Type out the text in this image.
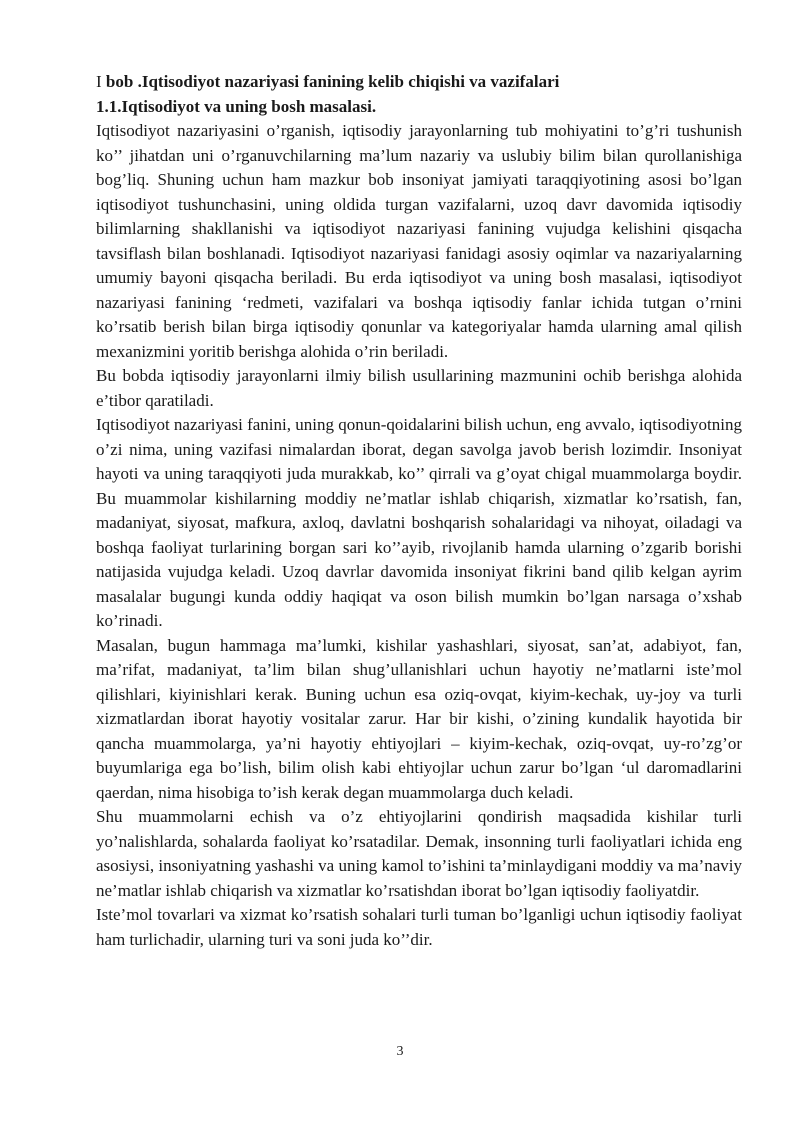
I bob .Iqtisodiyot nazariyasi fanining kelib chiqishi va vazifalari

1.1.Iqtisodiyot va uning bosh masalasi.

Iqtisodiyot nazariyasini o’rganish, iqtisodiy jarayonlarning tub mohiyatini to’g’ri tushunish ko’’ jihatdan uni o’rganuvchilarning ma’lum nazariy va uslubiy bilim bilan qurollanishiga bog’liq. Shuning uchun ham mazkur bob insoniyat jamiyati taraqqiyotining asosi bo’lgan iqtisodiyot tushunchasini, uning oldida turgan vazifalarni, uzoq davr davomida iqtisodiy bilimlarning shakllanishi va iqtisodiyot nazariyasi fanining vujudga kelishini qisqacha tavsiflash bilan boshlanadi. Iqtisodiyot nazariyasi fanidagi asosiy oqimlar va nazariyalarning umumiy bayoni qisqacha beriladi. Bu erda iqtisodiyot va uning bosh masalasi, iqtisodiyot nazariyasi fanining ‘redmeti, vazifalari va boshqa iqtisodiy fanlar ichida tutgan o’rnini ko’rsatib berish bilan birga iqtisodiy qonunlar va kategoriyalar hamda ularning amal qilish mexanizmini yoritib berishga alohida o’rin beriladi.

Bu bobda iqtisodiy jarayonlarni ilmiy bilish usullarining mazmunini ochib berishga alohida e’tibor qaratiladi.

Iqtisodiyot nazariyasi fanini, uning qonun-qoidalarini bilish uchun, eng avvalo, iqtisodiyotning o’zi nima, uning vazifasi nimalardan iborat, degan savolga javob berish lozimdir. Insoniyat hayoti va uning taraqqiyoti juda murakkab, ko’’ qirrali va g’oyat chigal muammolarga boydir. Bu muammolar kishilarning moddiy ne’matlar ishlab chiqarish, xizmatlar ko’rsatish, fan, madaniyat, siyosat, mafkura, axloq, davlatni boshqarish sohalaridagi va nihoyat, oiladagi va boshqa faoliyat turlarining borgan sari ko’’ayib, rivojlanib hamda ularning o’zgarib borishi natijasida vujudga keladi. Uzoq davrlar davomida insoniyat fikrini band qilib kelgan ayrim masalalar bugungi kunda oddiy haqiqat va oson bilish mumkin bo’lgan narsaga o’xshab ko’rinadi.

Masalan, bugun hammaga ma’lumki, kishilar yashashlari, siyosat, san’at, adabiyot, fan, ma’rifat, madaniyat, ta’lim bilan shug’ullanishlari uchun hayotiy ne’matlarni iste’mol qilishlari, kiyinishlari kerak. Buning uchun esa oziq-ovqat, kiyim-kechak, uy-joy va turli xizmatlardan iborat hayotiy vositalar zarur. Har bir kishi, o’zining kundalik hayotida bir qancha muammolarga, ya’ni hayotiy ehtiyojlari – kiyim-kechak, oziq-ovqat, uy-ro’zg’or buyumlariga ega bo’lish, bilim olish kabi ehtiyojlar uchun zarur bo’lgan ‘ul daromadlarini qaerdan, nima hisobiga to’ish kerak degan muammolarga duch keladi.

Shu muammolarni echish va o’z ehtiyojlarini qondirish maqsadida kishilar turli yo’nalishlarda, sohalarda faoliyat ko’rsatadilar. Demak, insonning turli faoliyatlari ichida eng asosiysi, insoniyatning yashashi va uning kamol to’ishini ta’minlaydigani moddiy va ma’naviy ne’matlar ishlab chiqarish va xizmatlar ko’rsatishdan iborat bo’lgan iqtisodiy faoliyatdir.

Iste’mol tovarlari va xizmat ko’rsatish sohalari turli tuman bo’lganligi uchun iqtisodiy faoliyat ham turlichadir, ularning turi va soni juda ko’’dir.

3
